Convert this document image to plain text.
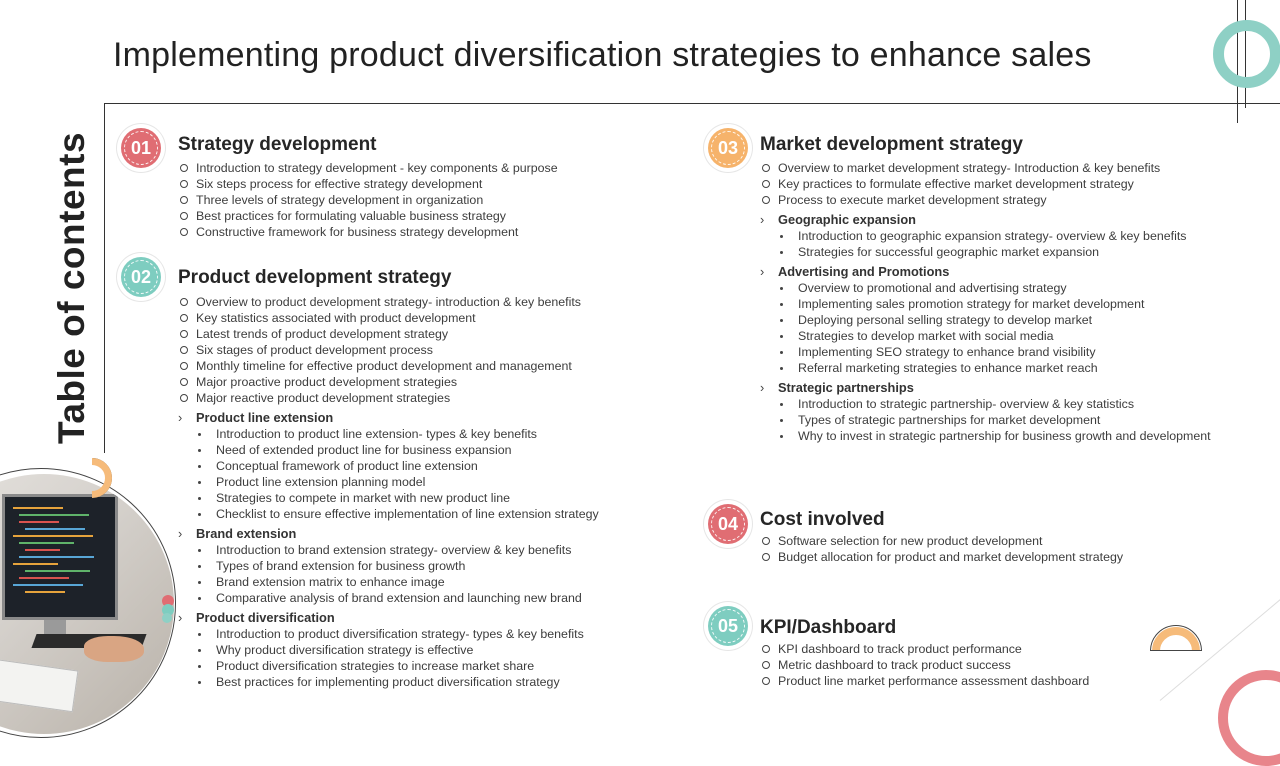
Implementing product diversification strategies to enhance sales
Table of contents	01	Strategy development
Introduction to strategy development - key components & purpose
Six steps process for effective strategy development
Three levels of strategy development in organization
Best practices for formulating valuable business strategy
Constructive framework for business strategy development
02	Product development strategy
Overview to product development strategy- introduction & key benefits
Key statistics associated with product development
Latest trends of product development strategy
Six stages of product development process
Monthly timeline for effective product development and management
Major proactive product development strategies
Major reactive product development strategies
› Product line extension
Introduction to product line extension- types & key benefits
Need of extended product line for business expansion
Conceptual framework of product line extension
Product line extension planning model
Strategies to compete in market with new product line
Checklist to ensure effective implementation of line extension strategy
› Brand extension
Introduction to brand extension strategy- overview & key benefits
Types of brand extension for business growth
Brand extension matrix to enhance image
Comparative analysis of brand extension and launching new brand
› Product diversification
Introduction to product diversification strategy- types & key benefits
Why product diversification strategy is effective
Product diversification strategies to increase market share
Best practices for implementing product diversification strategy
03	Market development strategy
Overview to market development strategy- Introduction & key benefits
Key practices to formulate effective market development strategy
Process to execute market development strategy
› Geographic expansion
Introduction to geographic expansion strategy- overview & key benefits
Strategies for successful geographic market expansion
› Advertising and Promotions
Overview to promotional and advertising strategy
Implementing sales promotion strategy for market development
Deploying personal selling strategy to develop market
Strategies to develop market with social media
Implementing SEO strategy to enhance brand visibility
Referral marketing strategies to enhance market reach
› Strategic partnerships
Introduction to strategic partnership- overview & key statistics
Types of strategic partnerships for market development
Why to invest in strategic partnership for business growth and development
04	Cost involved
Software selection for new product development
Budget allocation for product and market development strategy
05	KPI/Dashboard
KPI dashboard to track product performance
Metric dashboard to track product success
Product line market performance assessment dashboard
